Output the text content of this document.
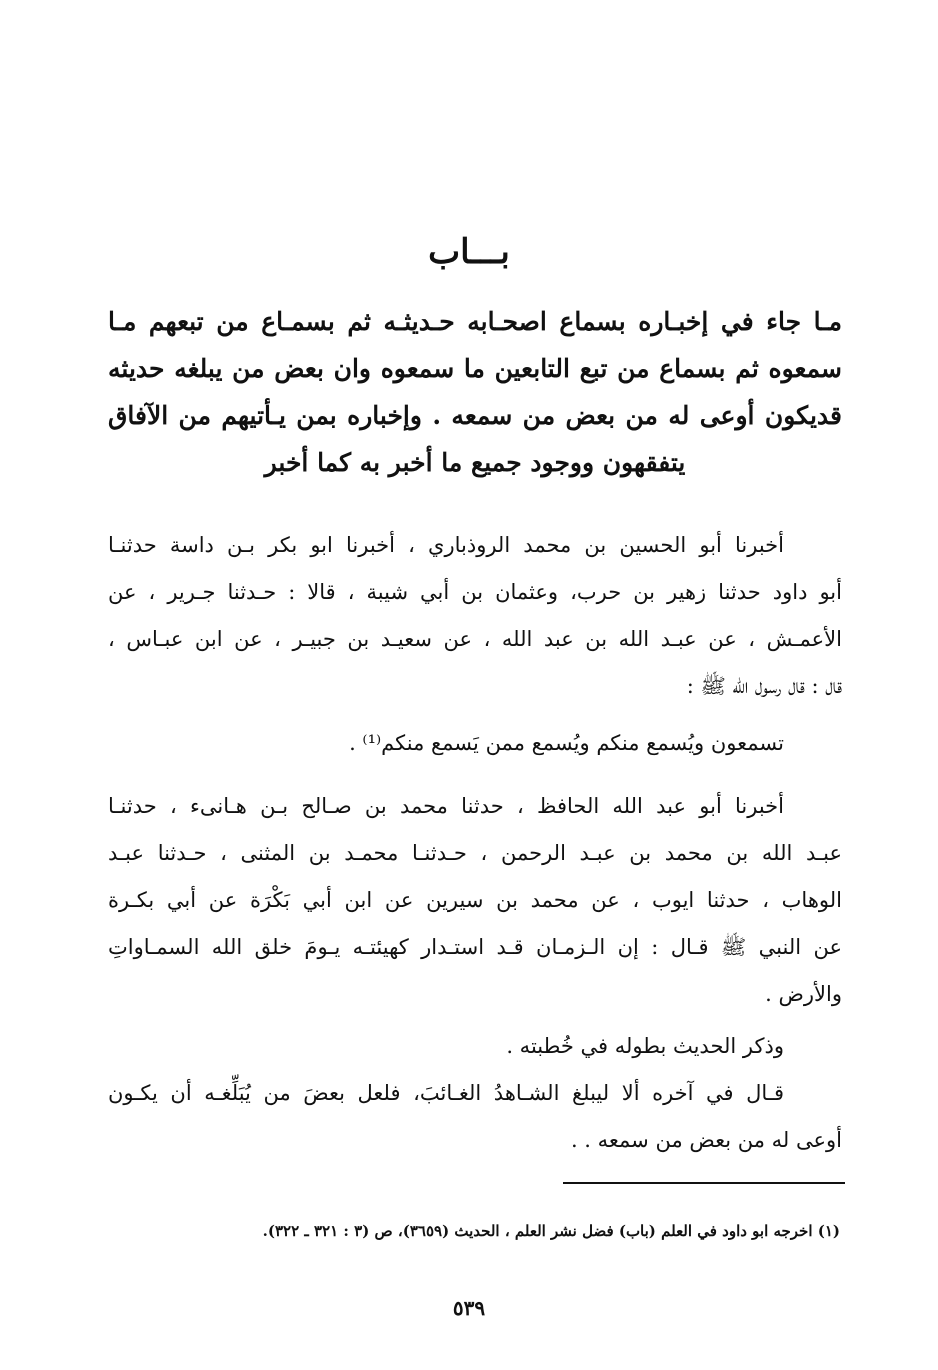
بـــاب
مـا جاء في إخبـاره بسماع اصحـابه حـديثـه ثم بسمـاع من تبعهم مـا
سمعوه ثم بسماع من تبع التابعين ما سمعوه وان بعض من يبلغه حديثه
قديكون أوعى له من بعض من سمعه . وإخباره بمن يـأتيهم من الآفاق
يتفقهون ووجود جميع ما أخبر به كما أخبر
أخبرنا أبو الحسين بن محمد الروذباري ، أخبرنا ابو بكر بـن داسة حدثنـا
أبو داود حدثنا زهير بن حرب، وعثمان بن أبي شيبة ، قالا : حـدثنا جـرير ، عن
الأعمـش ، عن عبـد الله بن عبد الله ، عن سعيـد بن جبيـر ، عن ابن عبـاس ،
قال : قال رسول الله ﷺ :
تسمعون ويُسمع منكم ويُسمع ممن يَسمع منكم⁽¹⁾ .
أخبرنا أبو عبد الله الحافظ ، حدثنا محمد بن صـالح بـن هـانىء ، حدثنـا
عبـد الله بن محمد بن عبـد الرحمن ، حـدثنـا محمـد بن المثنى ، حـدثنا عبـد
الوهاب ، حدثنا ايوب ، عن محمد بن سيرين عن ابن أبي بَكْرَة عن أبي بكـرة
عن النبي ﷺ قـال : إن الـزمـان قـد استـدار كهيئتـه يـومَ خلق الله السمـاواتِ
والأرض .
وذكر الحديث بطوله في خُطبته .
قـال في آخره ألا ليبلغ الشـاهدُ الغـائبَ، فلعل بعضَ من يُبَلِّغـه أن يكـون
أوعى له من بعض من سمعه . .
(١) اخرجه ابو داود في العلم (باب) فضل نشر العلم ، الحديث (٣٦٥٩)، ص (٣ : ٣٢١ ـ ٣٢٢).
٥٣٩
